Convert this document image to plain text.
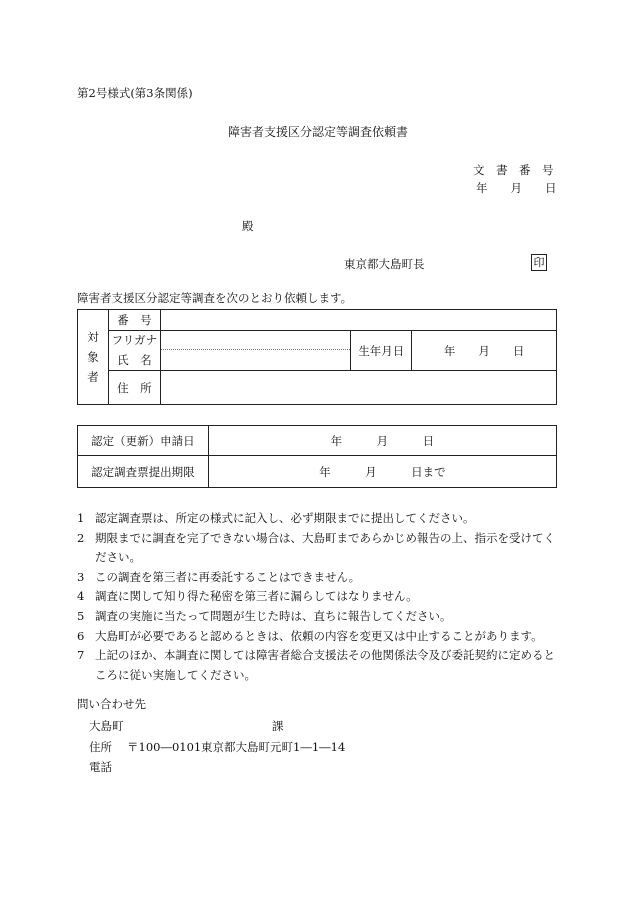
第2号様式(第3条関係)
障害者支援区分認定等調査依頼書
文　書　番　号
年　　月　　日
殿
東京都大島町長	印
障害者支援区分認定等調査を次のとおり依頼します。
対
象
者	番　号			
	フリガナ		生年月日	年　　月　　日
	氏　名			
	住　所			
認定（更新）申請日	年　　　月　　　日
認定調査票提出期限	年　　　月　　　日まで
1 認定調査票は、所定の様式に記入し、必ず期限までに提出してください。
2 期限までに調査を完了できない場合は、大島町まであらかじめ報告の上、指示を受けてください。
3 この調査を第三者に再委託することはできません。
4 調査に関して知り得た秘密を第三者に漏らしてはなりません。
5 調査の実施に当たって問題が生じた時は、直ちに報告してください。
6 大島町が必要であると認めるときは、依頼の内容を変更又は中止することがあります。
7 上記のほか、本調査に関しては障害者総合支援法その他関係法令及び委託契約に定めるところに従い実施してください。
問い合わせ先
大島町	課
住所 〒100―0101 東京都大島町元町1―1―14
電話
